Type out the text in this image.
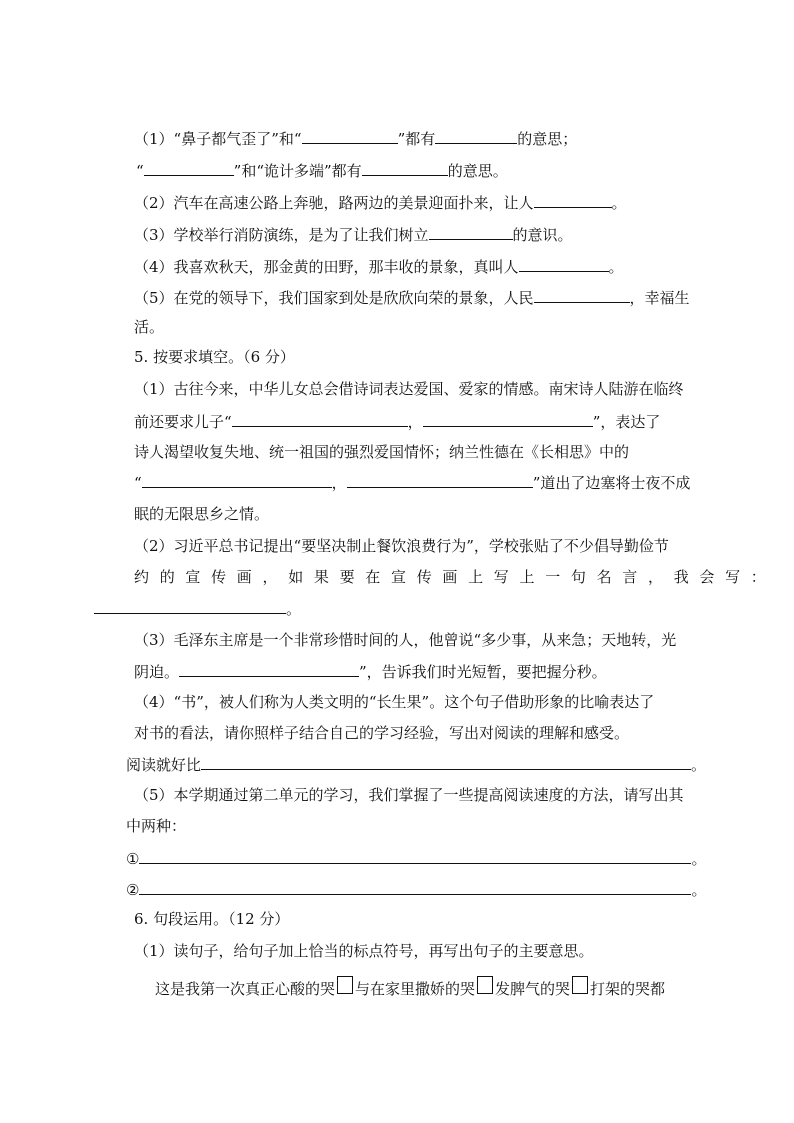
（1）“鼻子都气歪了”和“	”都有	的意思；
“	”和“诡计多端”都有	的意思。
（2）汽车在高速公路上奔驰，路两边的美景迎面扑来，让人	。
（3）学校举行消防演练，是为了让我们树立	的意识。
（4）我喜欢秋天，那金黄的田野，那丰收的景象，真叫人	。
（5）在党的领导下，我们国家到处是欣欣向荣的景象，人民	，幸福生
活。
5. 按要求填空。（6 分）
（1）古往今来，中华儿女总会借诗词表达爱国、爱家的情感。南宋诗人陆游在临终
前还要求儿子“	，	”，表达了
诗人渴望收复失地、统一祖国的强烈爱国情怀；纳兰性德在《长相思》中的
“	，	”道出了边塞将士夜不成
眠的无限思乡之情。
（2）习近平总书记提出“要坚决制止餐饮浪费行为”，学校张贴了不少倡导勤俭节
约的宣传画，如果要在宣传画上写上一句名言，我会写：
。
（3）毛泽东主席是一个非常珍惜时间的人，他曾说“多少事，从来急；天地转，光
阴迫。	”，告诉我们时光短暂，要把握分秒。
（4）“书”，被人们称为人类文明的“长生果”。这个句子借助形象的比喻表达了
对书的看法，请你照样子结合自己的学习经验，写出对阅读的理解和感受。
阅读就好比	。
（5）本学期通过第二单元的学习，我们掌握了一些提高阅读速度的方法，请写出其
中两种：
①	。
②	。
6. 句段运用。（12 分）
（1）读句子，给句子加上恰当的标点符号，再写出句子的主要意思。
这是我第一次真正心酸的哭 与在家里撒娇的哭 发脾气的哭 打架的哭都
